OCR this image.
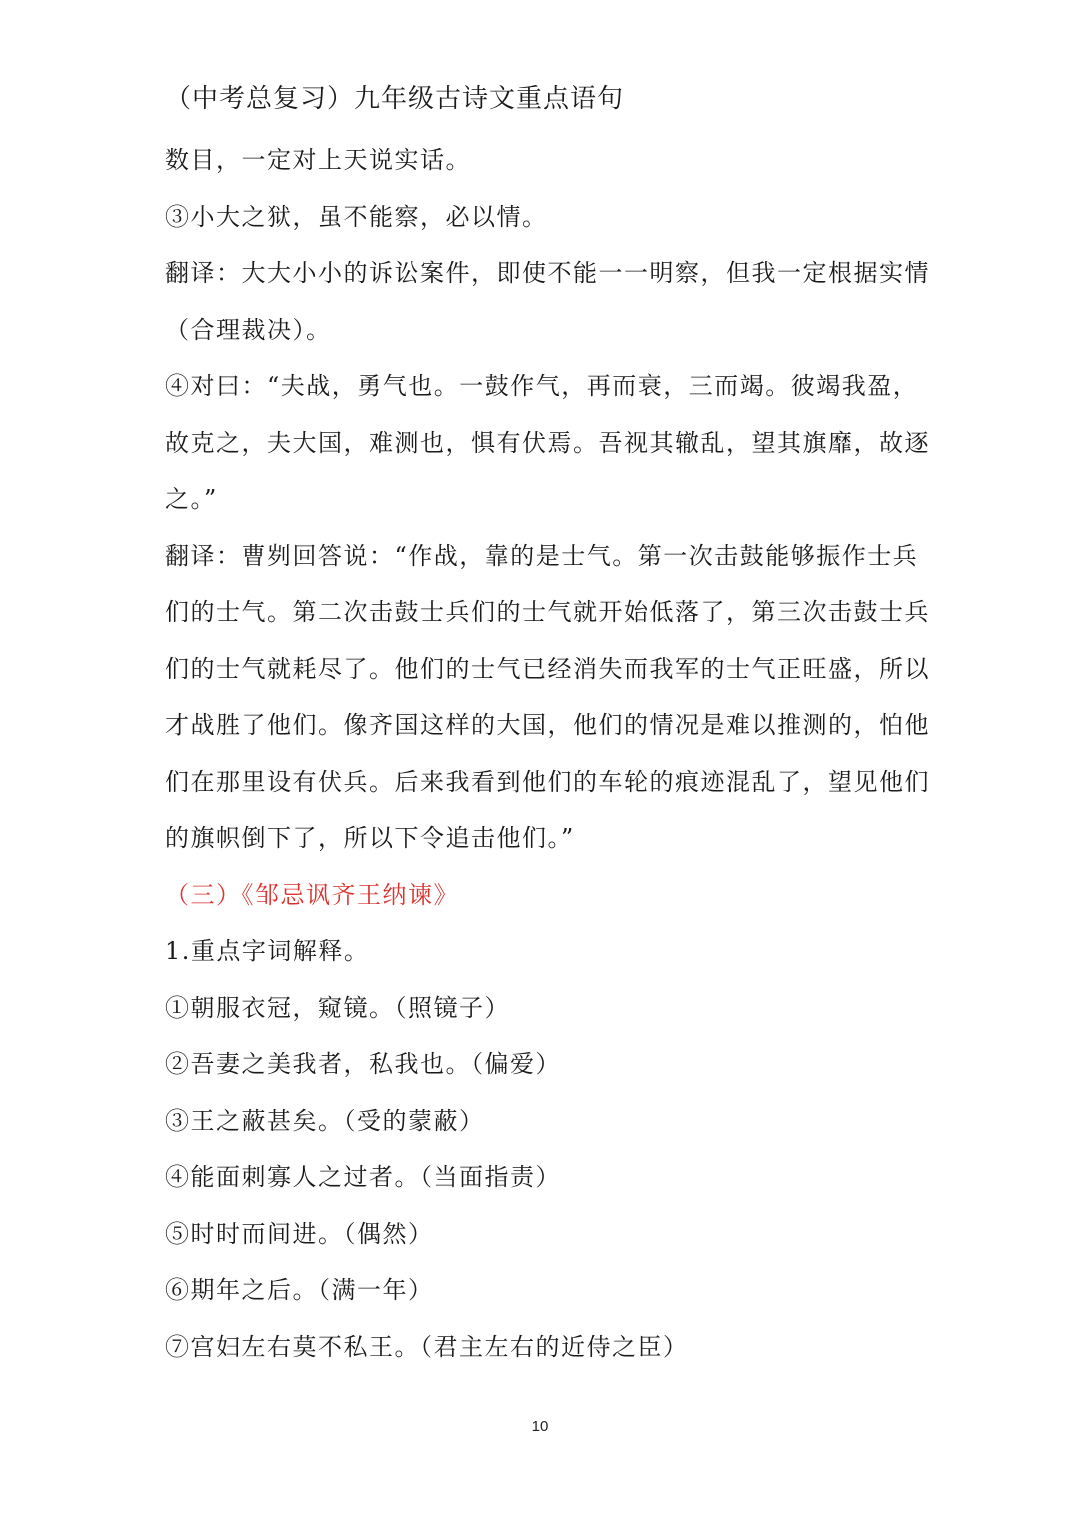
（中考总复习）九年级古诗文重点语句
数目，一定对上天说实话。
③小大之狱，虽不能察，必以情。
翻译：大大小小的诉讼案件，即使不能一一明察，但我一定根据实情
（合理裁决）。
④对曰：“夫战，勇气也。一鼓作气，再而衰，三而竭。彼竭我盈，
故克之，夫大国，难测也，惧有伏焉。吾视其辙乱，望其旗靡，故逐
之。”
翻译：曹刿回答说：“作战，靠的是士气。第一次击鼓能够振作士兵
们的士气。第二次击鼓士兵们的士气就开始低落了，第三次击鼓士兵
们的士气就耗尽了。他们的士气已经消失而我军的士气正旺盛，所以
才战胜了他们。像齐国这样的大国，他们的情况是难以推测的，怕他
们在那里设有伏兵。后来我看到他们的车轮的痕迹混乱了，望见他们
的旗帜倒下了，所以下令追击他们。”
（三）《邹忌讽齐王纳谏》
1.重点字词解释。
①朝服衣冠，窥镜。（照镜子）
②吾妻之美我者，私我也。（偏爱）
③王之蔽甚矣。（受的蒙蔽）
④能面刺寡人之过者。（当面指责）
⑤时时而间进。（偶然）
⑥期年之后。（满一年）
⑦宫妇左右莫不私王。（君主左右的近侍之臣）
10
